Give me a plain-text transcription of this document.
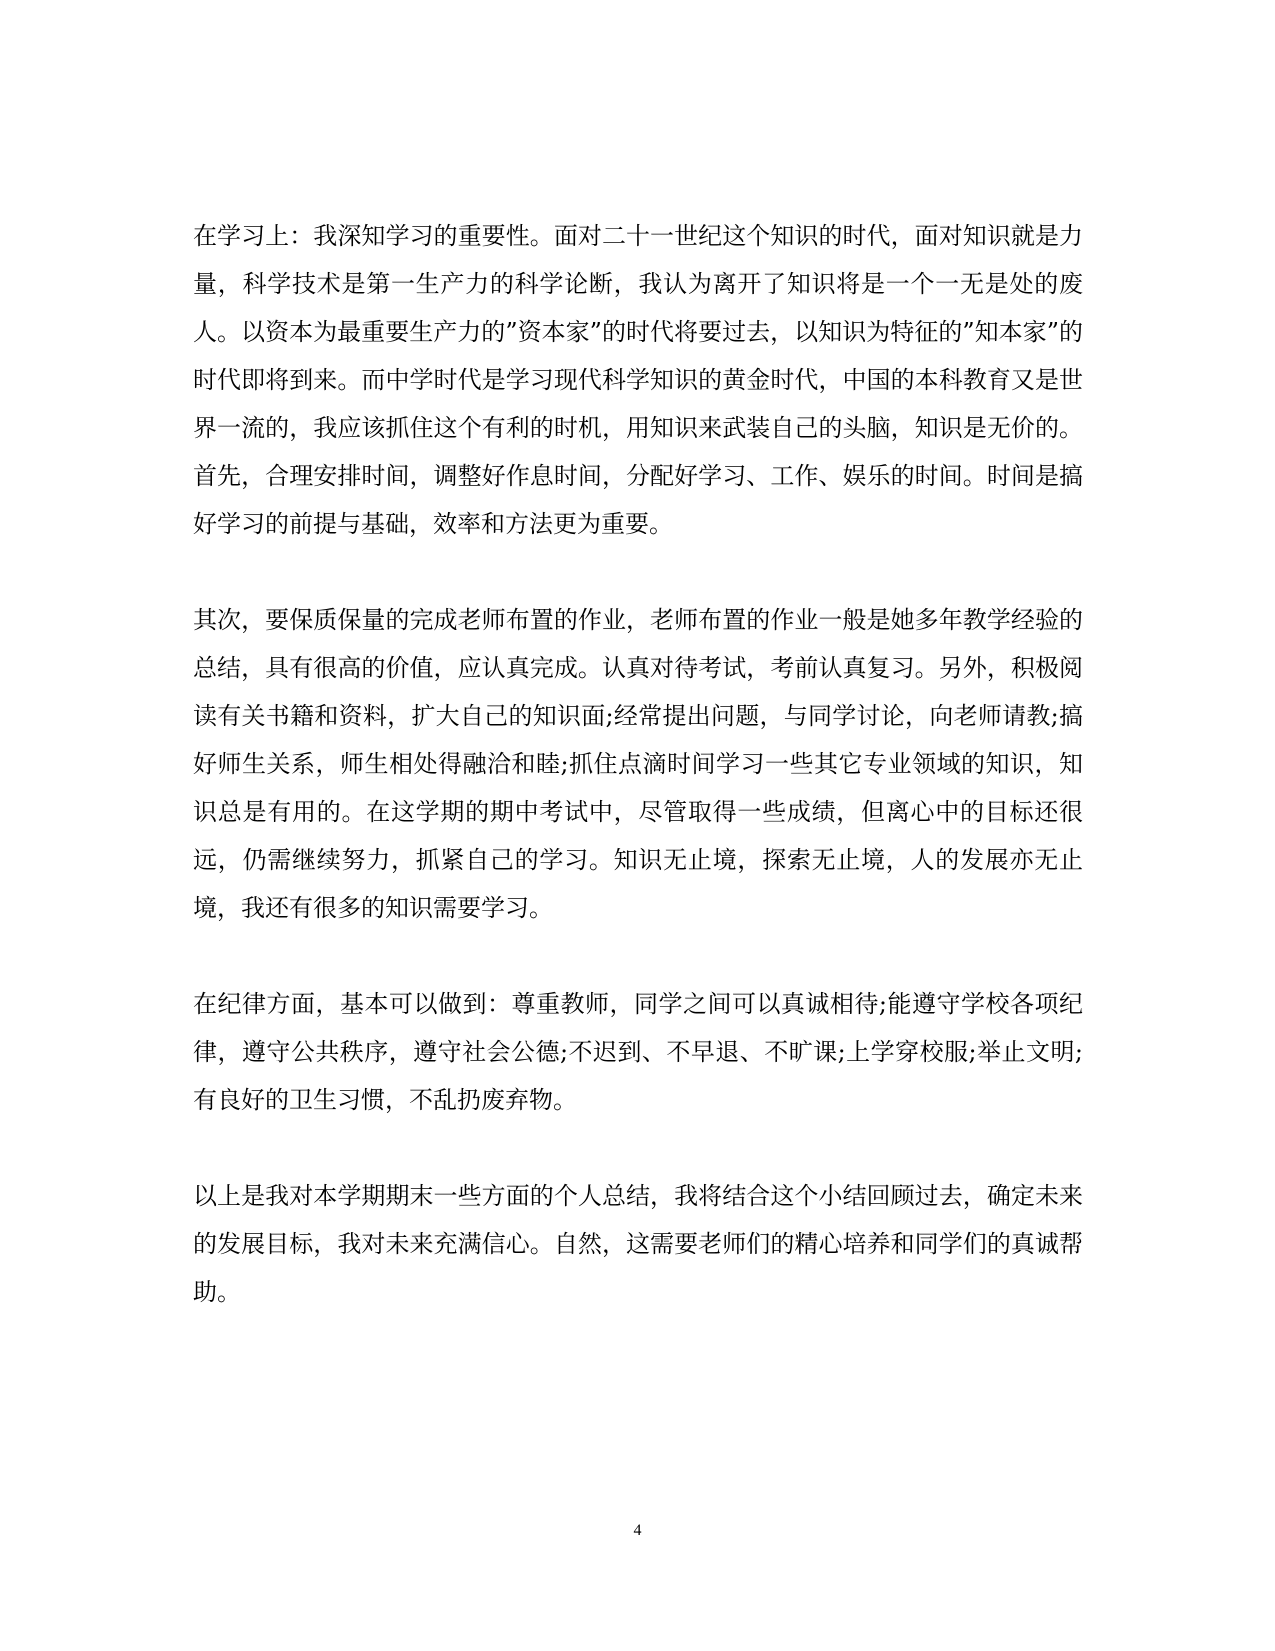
在学习上：我深知学习的重要性。面对二十一世纪这个知识的时代，面对知识就是力量，科学技术是第一生产力的科学论断，我认为离开了知识将是一个一无是处的废人。以资本为最重要生产力的”资本家”的时代将要过去，以知识为特征的”知本家”的时代即将到来。而中学时代是学习现代科学知识的黄金时代，中国的本科教育又是世界一流的，我应该抓住这个有利的时机，用知识来武装自己的头脑，知识是无价的。首先，合理安排时间，调整好作息时间，分配好学习、工作、娱乐的时间。时间是搞好学习的前提与基础，效率和方法更为重要。

其次，要保质保量的完成老师布置的作业，老师布置的作业一般是她多年教学经验的总结，具有很高的价值，应认真完成。认真对待考试，考前认真复习。另外，积极阅读有关书籍和资料，扩大自己的知识面;经常提出问题，与同学讨论，向老师请教;搞好师生关系，师生相处得融洽和睦;抓住点滴时间学习一些其它专业领域的知识，知识总是有用的。在这学期的期中考试中，尽管取得一些成绩，但离心中的目标还很远，仍需继续努力，抓紧自己的学习。知识无止境，探索无止境，人的发展亦无止境，我还有很多的知识需要学习。

在纪律方面，基本可以做到：尊重教师，同学之间可以真诚相待;能遵守学校各项纪律，遵守公共秩序，遵守社会公德;不迟到、不早退、不旷课;上学穿校服;举止文明; 有良好的卫生习惯，不乱扔废弃物。

以上是我对本学期期末一些方面的个人总结，我将结合这个小结回顾过去，确定未来的发展目标，我对未来充满信心。自然，这需要老师们的精心培养和同学们的真诚帮助。

4
